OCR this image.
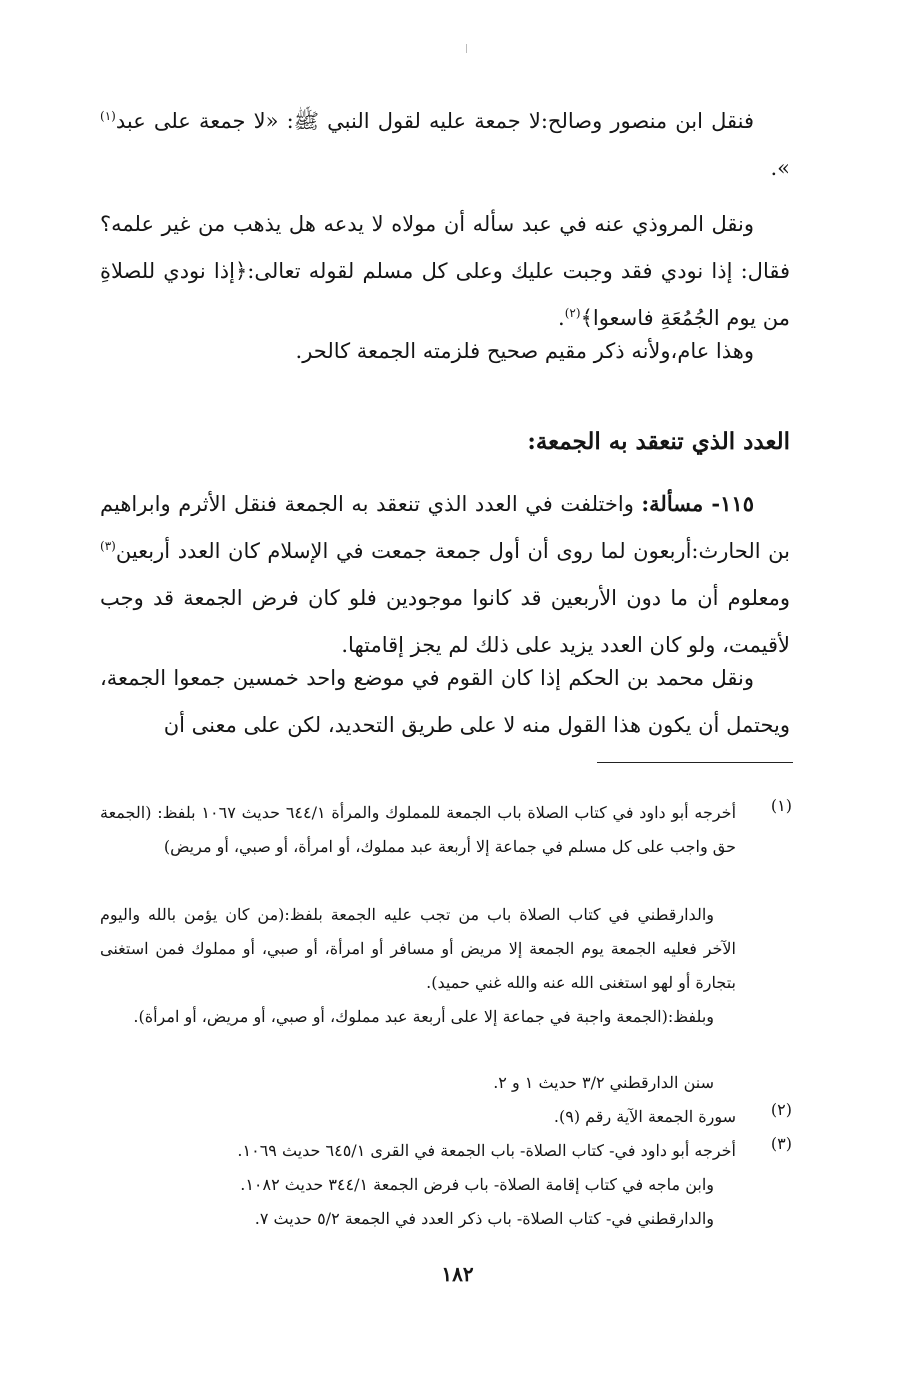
فنقل ابن منصور وصالح:لا جمعة عليه لقول النبي ﷺ: «لا جمعة على عبد$^{(١)}$ ».

ونقل المروذي عنه في عبد سأله أن مولاه لا يدعه هل يذهب من غير علمه؟ فقال: إذا نودي فقد وجبت عليك وعلى كل مسلم لقوله تعالى:﴿إذا نودي للصلاةِ من يوم الجُمُعَةِ فاسعوا﴾$^{(٢)}$.

وهذا عام،ولأنه ذكر مقيم صحيح فلزمته الجمعة كالحر.

العدد الذي تنعقد به الجمعة:

١١٥- مسألة: واختلفت في العدد الذي تنعقد به الجمعة فنقل الأثرم وابراهيم بن الحارث:أربعون لما روى أن أول جمعة جمعت في الإسلام كان العدد أربعين$^{(٣)}$ ومعلوم أن ما دون الأربعين قد كانوا موجودين فلو كان فرض الجمعة قد وجب لأقيمت، ولو كان العدد يزيد على ذلك لم يجز إقامتها.

ونقل محمد بن الحكم إذا كان القوم في موضع واحد خمسين جمعوا الجمعة، ويحتمل أن يكون هذا القول منه لا على طريق التحديد، لكن على معنى أن

(١)
أخرجه أبو داود في كتاب الصلاة باب الجمعة للمملوك والمرأة ٦٤٤/١ حديث ١٠٦٧ بلفظ: (الجمعة حق واجب على كل مسلم في جماعة إلا أربعة عبد مملوك، أو امرأة، أو صبي، أو مريض)
والدارقطني في كتاب الصلاة باب من تجب عليه الجمعة بلفظ:(من كان يؤمن بالله واليوم الآخر فعليه الجمعة يوم الجمعة إلا مريض أو مسافر أو امرأة، أو صبي، أو مملوك فمن استغنى بتجارة أو لهو استغنى الله عنه والله غني حميد).
وبلفظ:(الجمعة واجبة في جماعة إلا على أربعة عبد مملوك، أو صبي، أو مريض، أو امرأة).
سنن الدارقطني ٣/٢ حديث ١ و ٢.
(٢)
سورة الجمعة الآية رقم (٩).
(٣)
أخرجه أبو داود في- كتاب الصلاة- باب الجمعة في القرى ٦٤٥/١ حديث ١٠٦٩.
وابن ماجه في كتاب إقامة الصلاة- باب فرض الجمعة ٣٤٤/١ حديث ١٠٨٢.
والدارقطني في- كتاب الصلاة- باب ذكر العدد في الجمعة ٥/٢ حديث ٧.
١٨٢
